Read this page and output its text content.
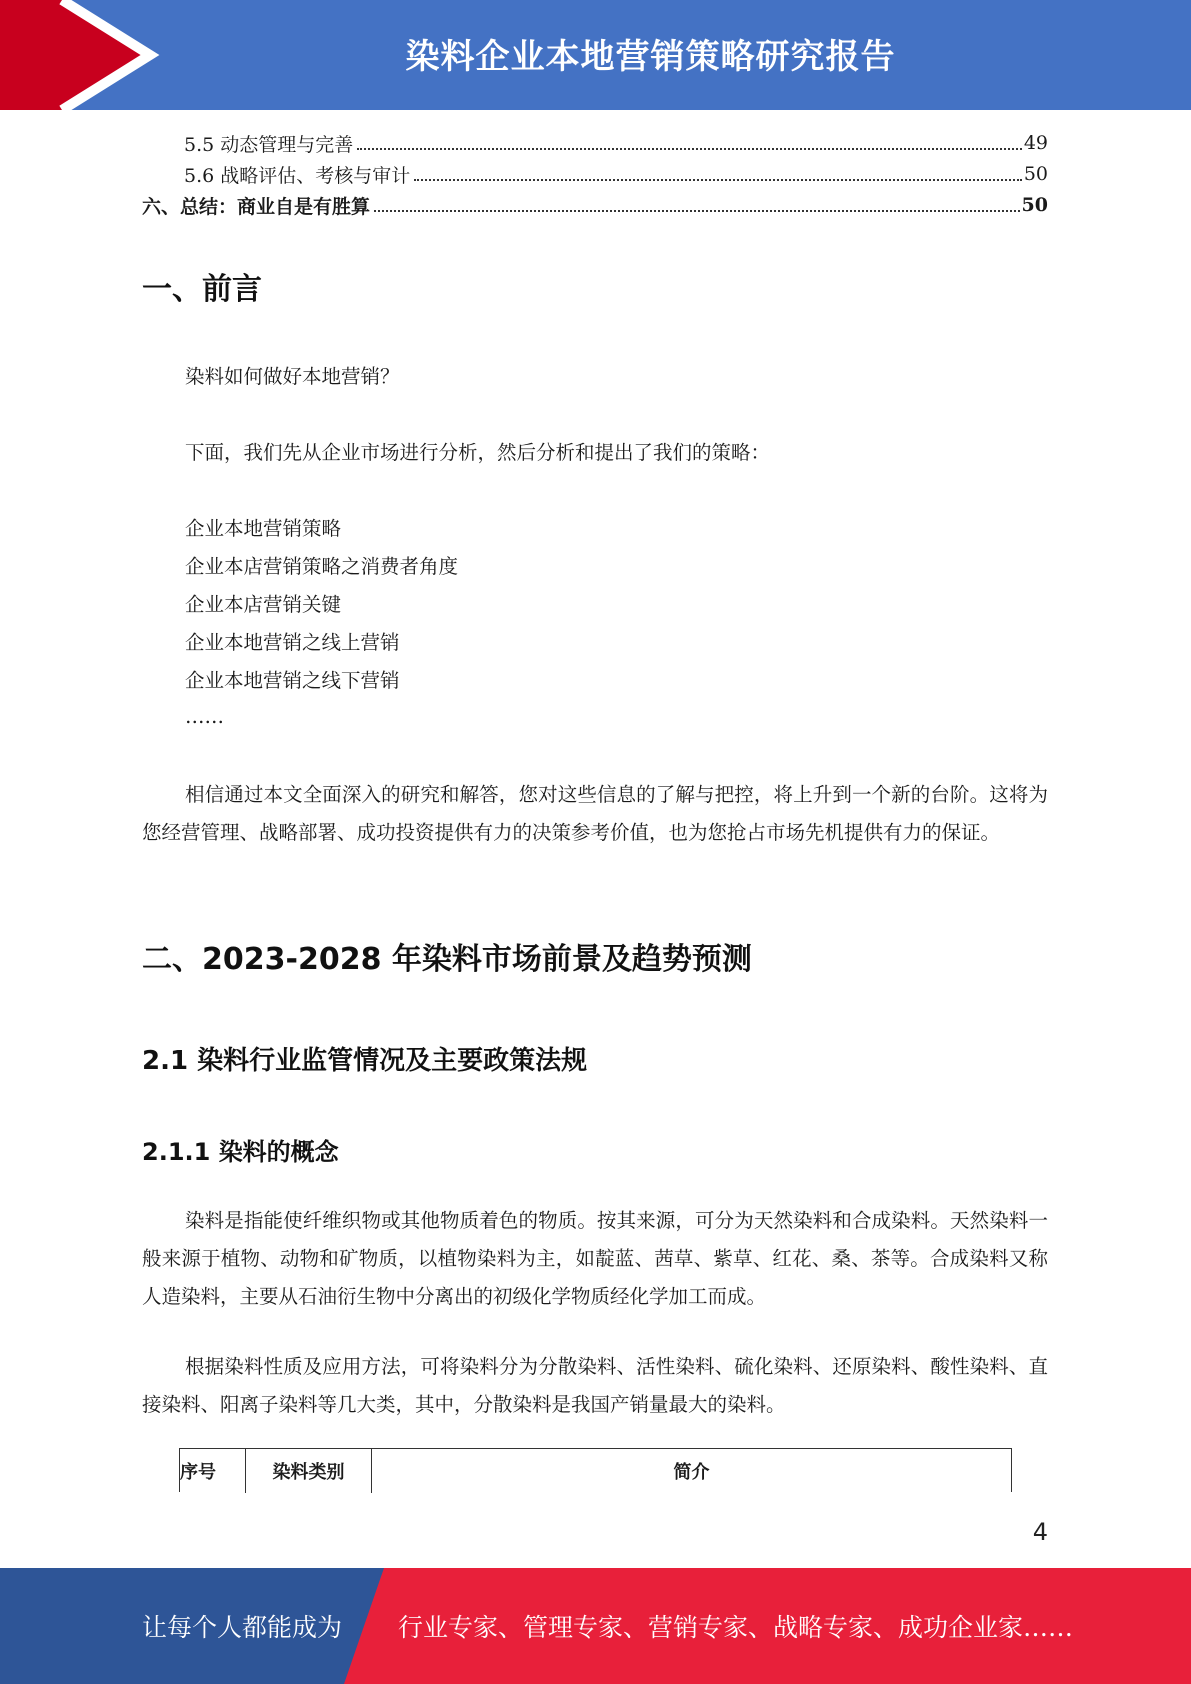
染料企业本地营销策略研究报告
5.5 动态管理与完善	49
5.6 战略评估、考核与审计	50
六、总结：商业自是有胜算	50
一、前言
染料如何做好本地营销？
下面，我们先从企业市场进行分析，然后分析和提出了我们的策略：
企业本地营销策略
企业本店营销策略之消费者角度
企业本店营销关键
企业本地营销之线上营销
企业本地营销之线下营销
……
相信通过本文全面深入的研究和解答，您对这些信息的了解与把控，将上升到一个新的台阶。这将为您经营管理、战略部署、成功投资提供有力的决策参考价值，也为您抢占市场先机提供有力的保证。
二、2023-2028 年染料市场前景及趋势预测
2.1 染料行业监管情况及主要政策法规
2.1.1 染料的概念
染料是指能使纤维织物或其他物质着色的物质。按其来源，可分为天然染料和合成染料。天然染料一般来源于植物、动物和矿物质，以植物染料为主，如靛蓝、茜草、紫草、红花、桑、茶等。合成染料又称人造染料，主要从石油衍生物中分离出的初级化学物质经化学加工而成。
根据染料性质及应用方法，可将染料分为分散染料、活性染料、硫化染料、还原染料、酸性染料、直接染料、阳离子染料等几大类，其中，分散染料是我国产销量最大的染料。
序号	染料类别	简介
4
让每个人都能成为 行业专家、管理专家、营销专家、战略专家、成功企业家……
